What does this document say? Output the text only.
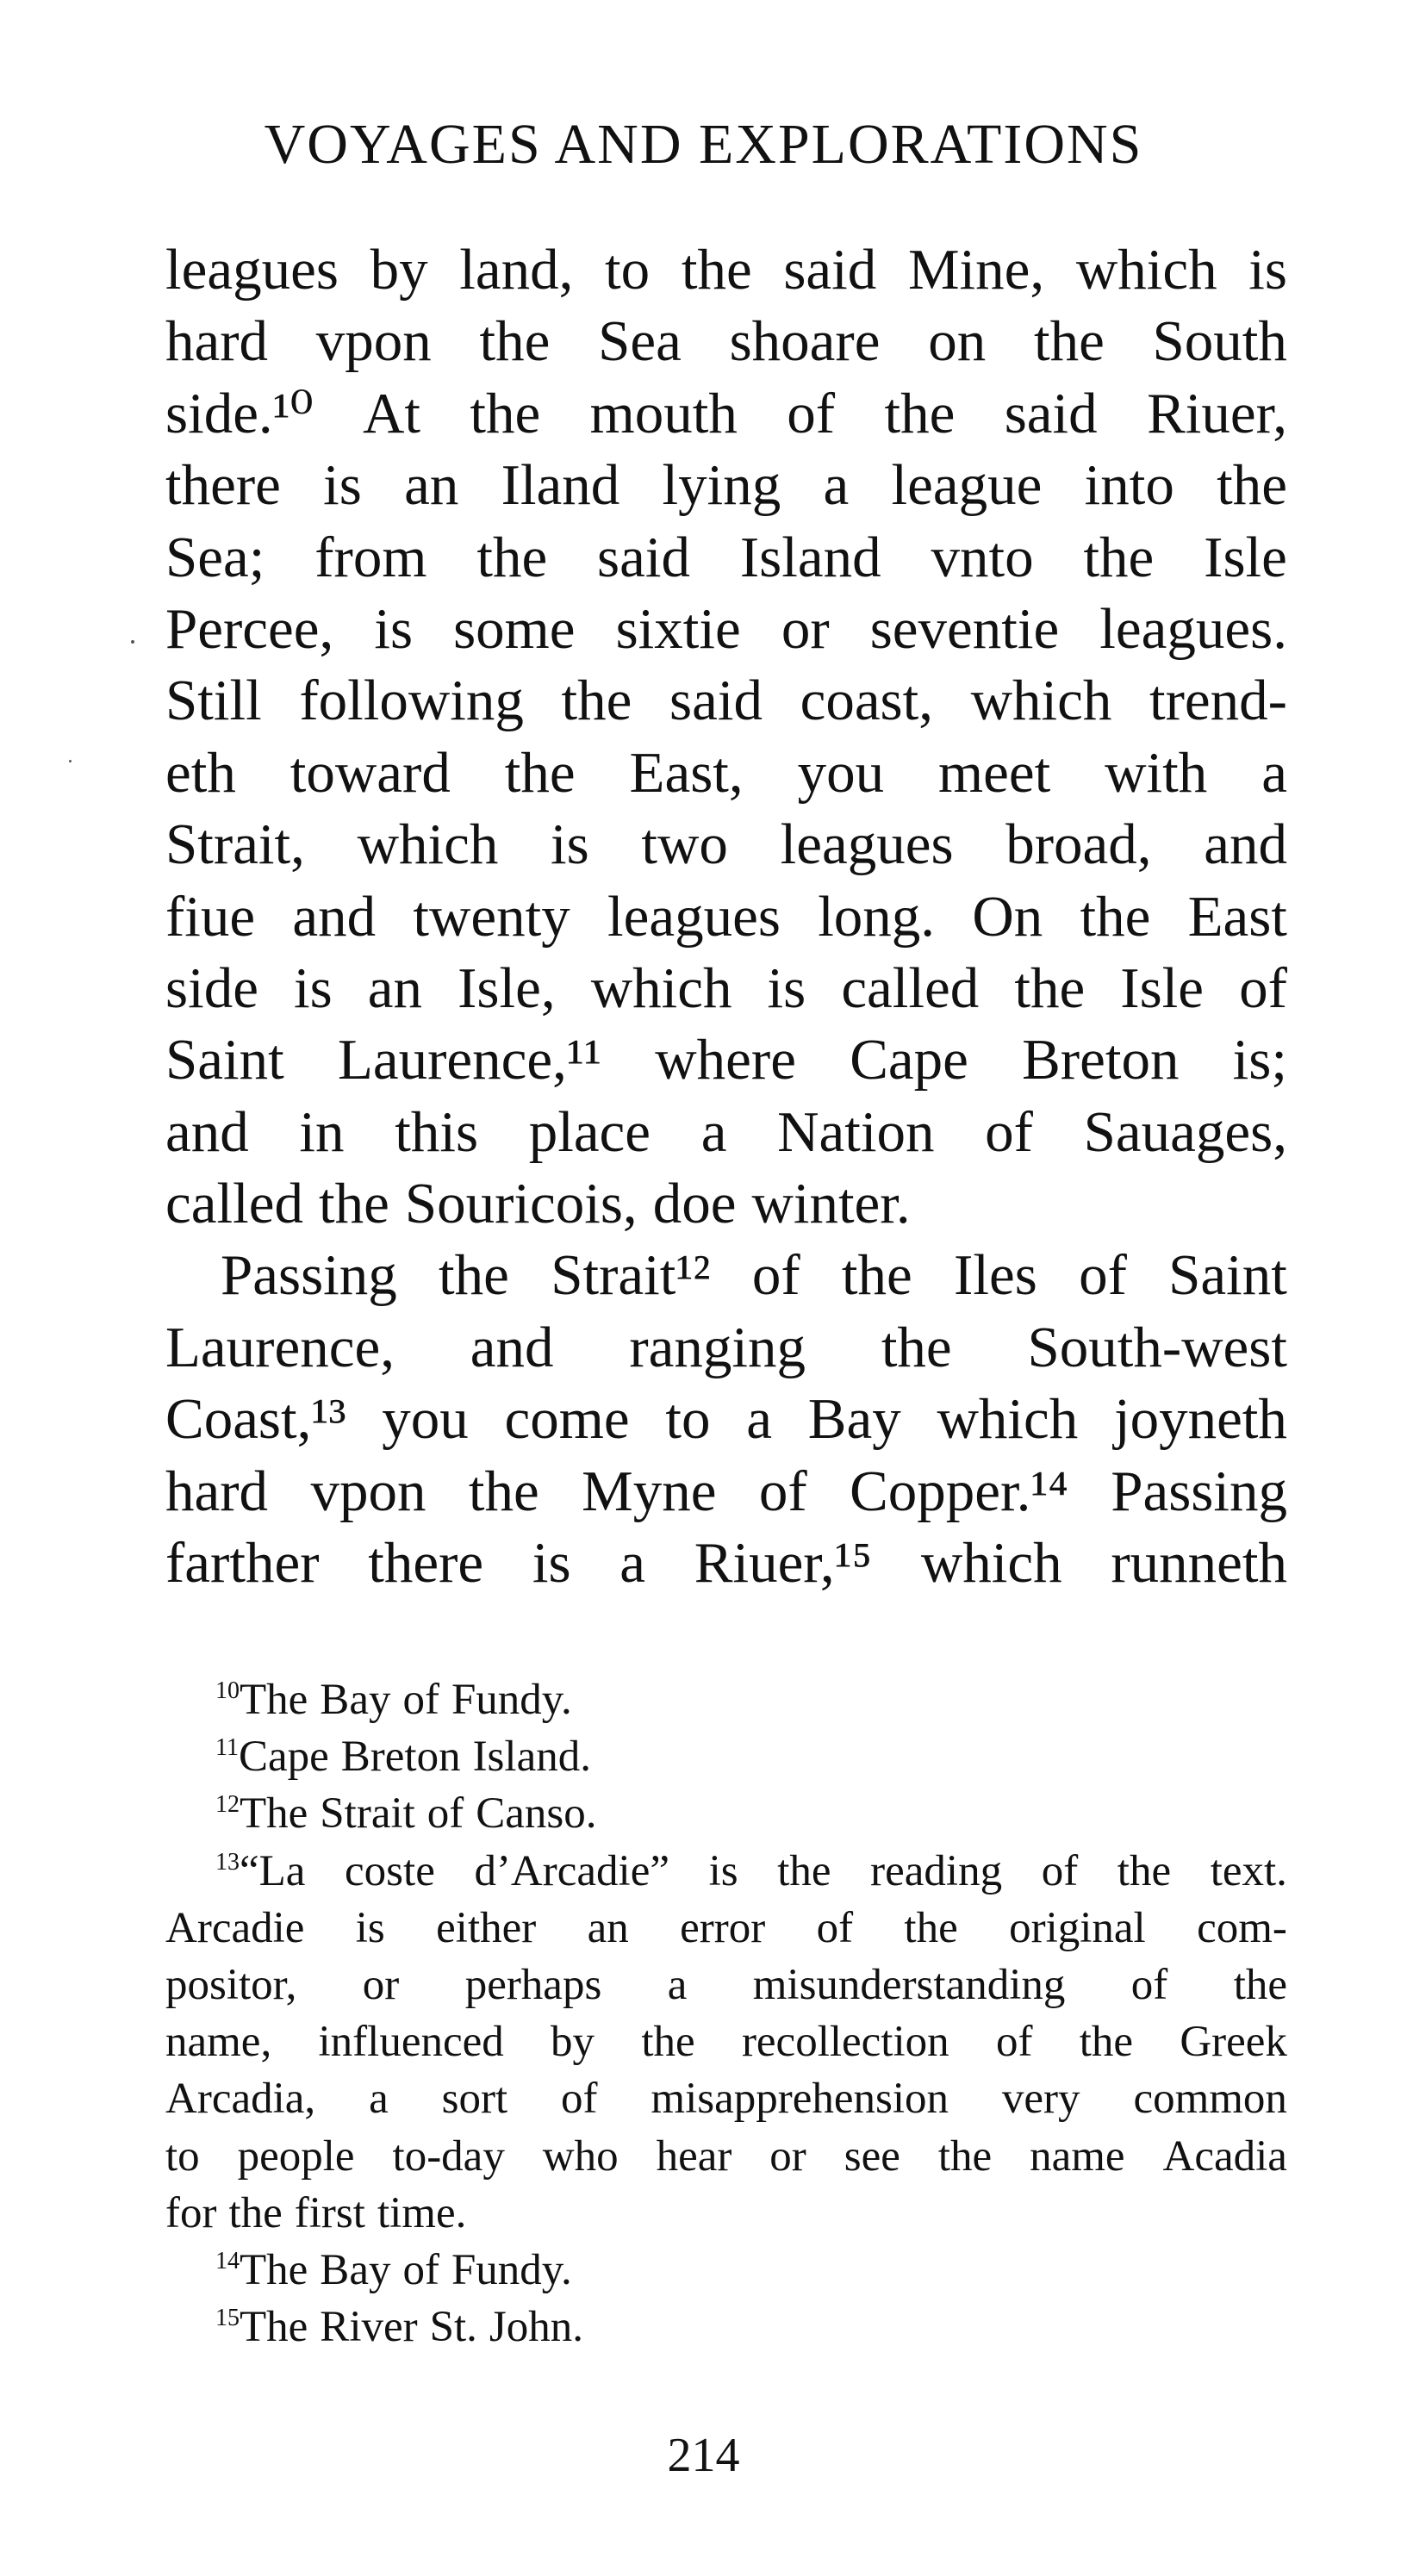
VOYAGES AND EXPLORATIONS
leagues by land, to the said Mine, which is
hard vpon the Sea shoare on the South
side.¹⁰ At the mouth of the said Riuer,
there is an Iland lying a league into the
Sea; from the said Island vnto the Isle
Percee, is some sixtie or seventie leagues.
Still following the said coast, which trend-
eth toward the East, you meet with a
Strait, which is two leagues broad, and
fiue and twenty leagues long. On the East
side is an Isle, which is called the Isle of
Saint Laurence,¹¹ where Cape Breton is;
and in this place a Nation of Sauages,
called the Souricois, doe winter.
Passing the Strait¹² of the Iles of Saint
Laurence, and ranging the South-west
Coast,¹³ you come to a Bay which joyneth
hard vpon the Myne of Copper.¹⁴ Passing
farther there is a Riuer,¹⁵ which runneth
$^{10}$The Bay of Fundy.
$^{11}$Cape Breton Island.
$^{12}$The Strait of Canso.
$^{13}$“La coste d’Arcadie” is the reading of the text.
Arcadie is either an error of the original com-
positor, or perhaps a misunderstanding of the
name, influenced by the recollection of the Greek
Arcadia, a sort of misapprehension very common
to people to-day who hear or see the name Acadia
for the first time.
$^{14}$The Bay of Fundy.
$^{15}$The River St. John.
214
